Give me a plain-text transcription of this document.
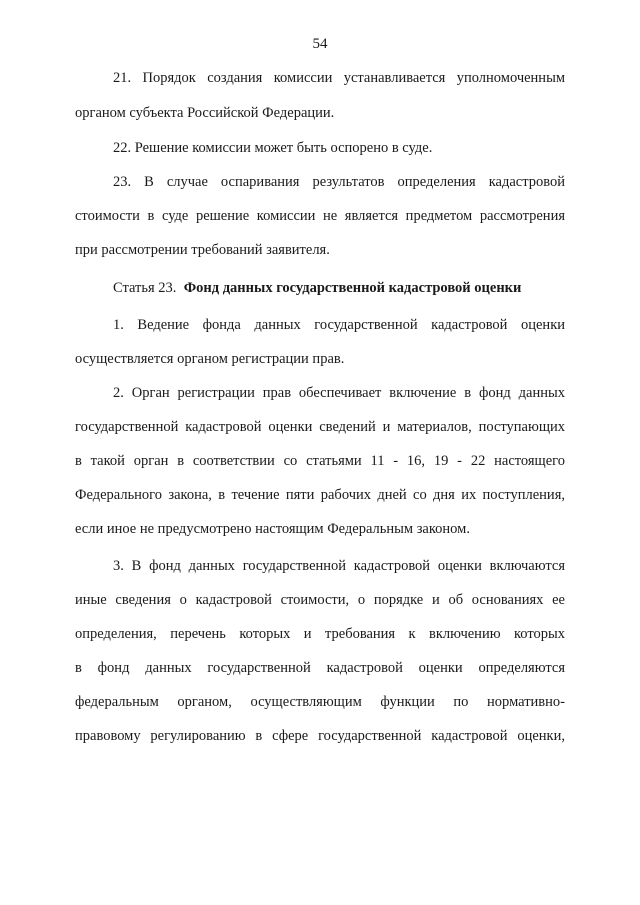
54
21. Порядок создания комиссии устанавливается уполномоченным
органом субъекта Российской Федерации.
22. Решение комиссии может быть оспорено в суде.
23. В случае оспаривания результатов определения кадастровой
стоимости в суде решение комиссии не является предметом рассмотрения
при рассмотрении требований заявителя.
Статья 23. Фонд данных государственной кадастровой оценки
1. Ведение фонда данных государственной кадастровой оценки
осуществляется органом регистрации прав.
2. Орган регистрации прав обеспечивает включение в фонд данных
государственной кадастровой оценки сведений и материалов, поступающих
в такой орган в соответствии со статьями 11 - 16, 19 - 22 настоящего
Федерального закона, в течение пяти рабочих дней со дня их поступления,
если иное не предусмотрено настоящим Федеральным законом.
3. В фонд данных государственной кадастровой оценки включаются
иные сведения о кадастровой стоимости, о порядке и об основаниях ее
определения, перечень которых и требования к включению которых
в фонд данных государственной кадастровой оценки определяются
федеральным органом, осуществляющим функции по нормативно-
правовому регулированию в сфере государственной кадастровой оценки,
